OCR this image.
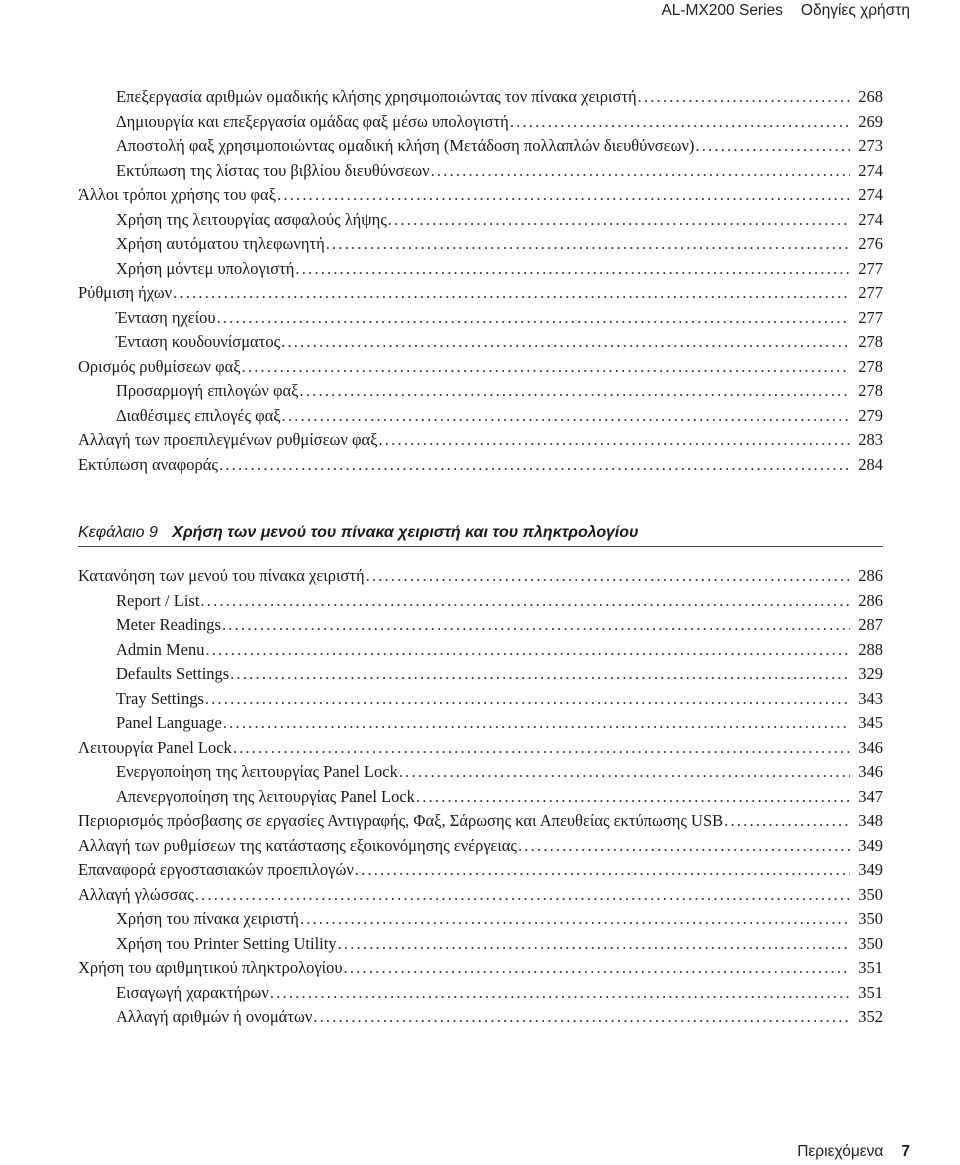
AL-MX200 Series Οδηγίες χρήστη
Επεξεργασία αριθμών ομαδικής κλήσης χρησιμοποιώντας τον πίνακα χειριστή .....	268
Δημιουργία και επεξεργασία ομάδας φαξ μέσω υπολογιστή .....	269
Αποστολή φαξ χρησιμοποιώντας ομαδική κλήση (Μετάδοση πολλαπλών διευθύνσεων) .....	273
Εκτύπωση της λίστας του βιβλίου διευθύνσεων .....	274
Άλλοι τρόποι χρήσης του φαξ .....	274
Χρήση της λειτουργίας ασφαλούς λήψης .....	274
Χρήση αυτόματου τηλεφωνητή .....	276
Χρήση μόντεμ υπολογιστή .....	277
Ρύθμιση ήχων .....	277
Ένταση ηχείου .....	277
Ένταση κουδουνίσματος .....	278
Ορισμός ρυθμίσεων φαξ .....	278
Προσαρμογή επιλογών φαξ .....	278
Διαθέσιμες επιλογές φαξ .....	279
Αλλαγή των προεπιλεγμένων ρυθμίσεων φαξ .....	283
Εκτύπωση αναφοράς .....	284
Κεφάλαιο 9 Χρήση των μενού του πίνακα χειριστή και του πληκτρολογίου
Κατανόηση των μενού του πίνακα χειριστή .....	286
Report / List .....	286
Meter Readings .....	287
Admin Menu .....	288
Defaults Settings .....	329
Tray Settings .....	343
Panel Language .....	345
Λειτουργία Panel Lock .....	346
Ενεργοποίηση της λειτουργίας Panel Lock .....	346
Απενεργοποίηση της λειτουργίας Panel Lock .....	347
Περιορισμός πρόσβασης σε εργασίες Αντιγραφής, Φαξ, Σάρωσης και Απευθείας εκτύπωσης USB .....	348
Αλλαγή των ρυθμίσεων της κατάστασης εξοικονόμησης ενέργειας .....	349
Επαναφορά εργοστασιακών προεπιλογών .....	349
Αλλαγή γλώσσας .....	350
Χρήση του πίνακα χειριστή .....	350
Χρήση του Printer Setting Utility .....	350
Χρήση του αριθμητικού πληκτρολογίου .....	351
Εισαγωγή χαρακτήρων .....	351
Αλλαγή αριθμών ή ονομάτων .....	352
Περιεχόμενα 7
